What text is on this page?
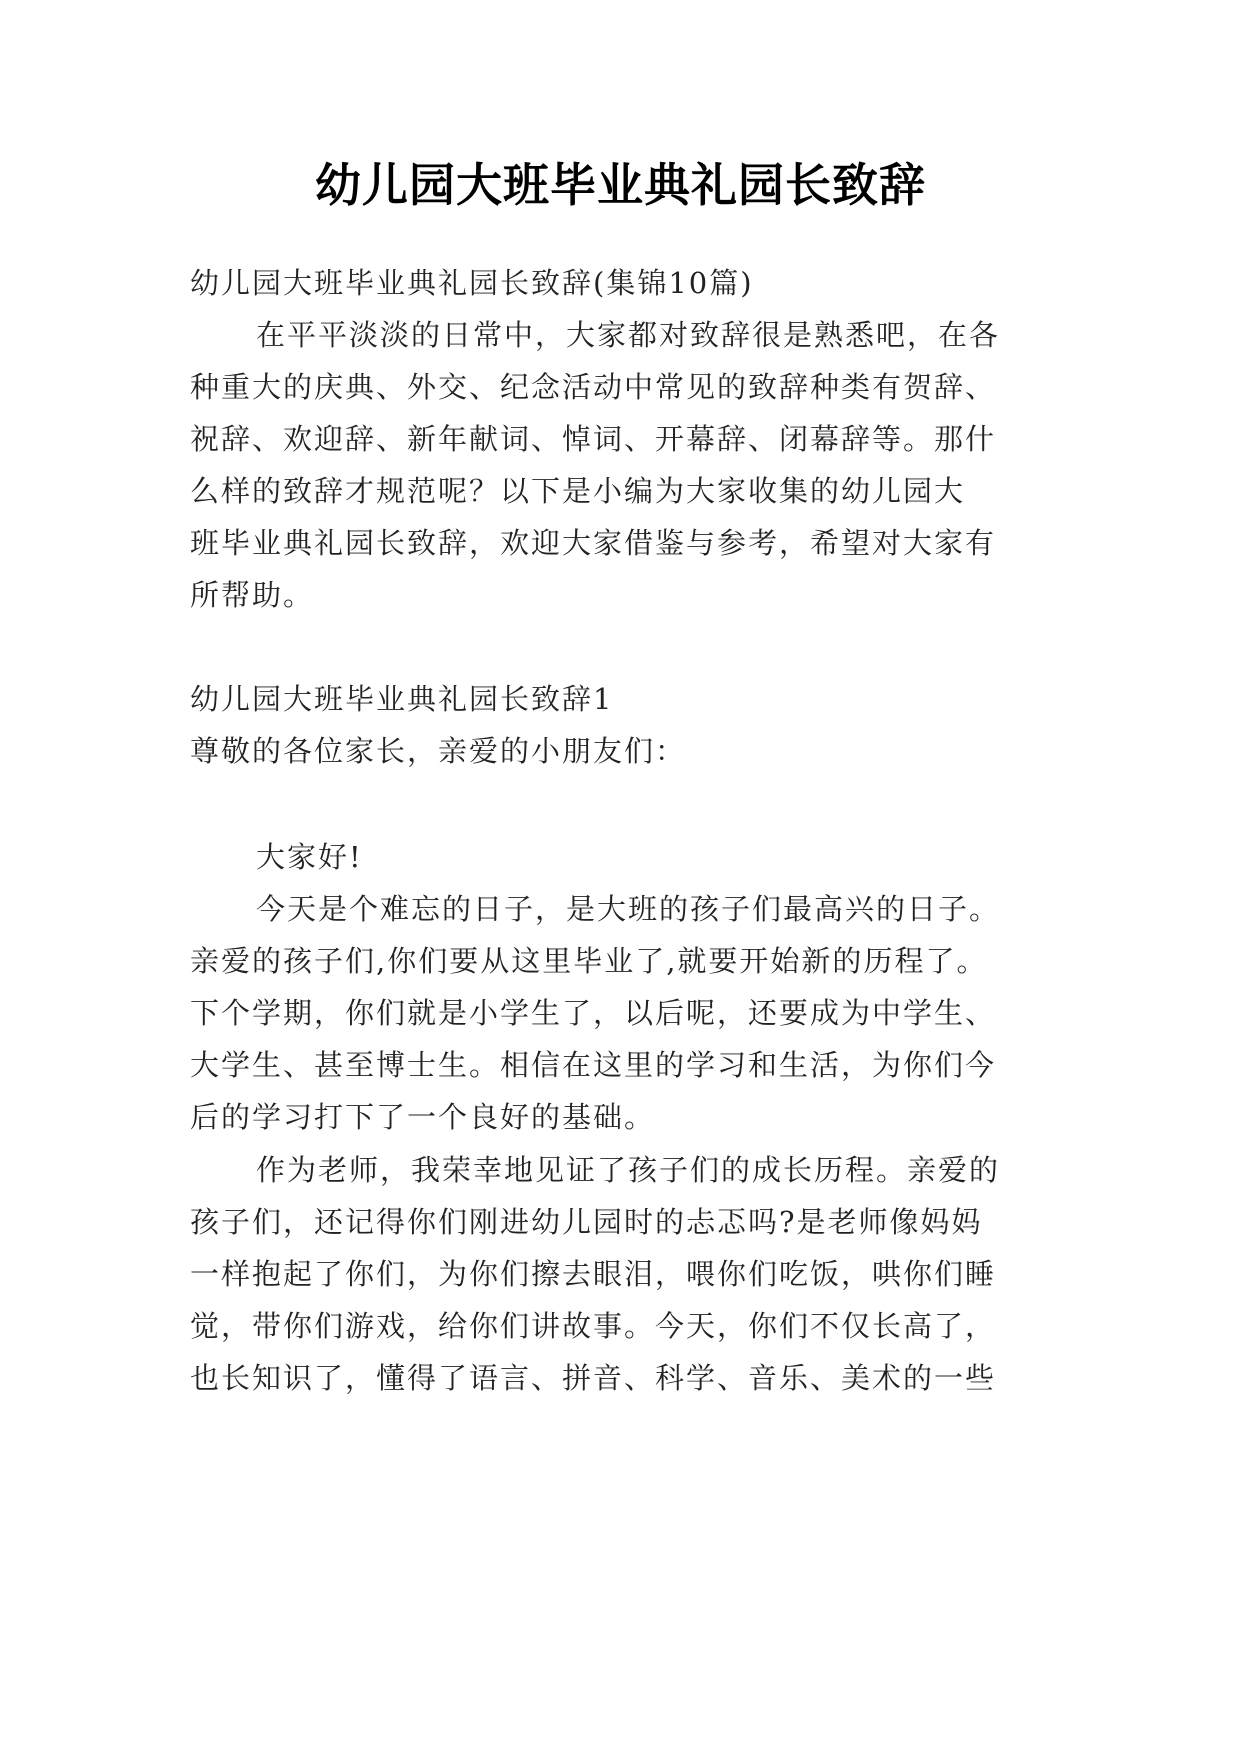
幼儿园大班毕业典礼园长致辞
幼儿园大班毕业典礼园长致辞(集锦10篇)
在平平淡淡的日常中，大家都对致辞很是熟悉吧，在各
种重大的庆典、外交、纪念活动中常见的致辞种类有贺辞、
祝辞、欢迎辞、新年献词、悼词、开幕辞、闭幕辞等。那什
么样的致辞才规范呢？以下是小编为大家收集的幼儿园大
班毕业典礼园长致辞，欢迎大家借鉴与参考，希望对大家有
所帮助。
幼儿园大班毕业典礼园长致辞1
尊敬的各位家长，亲爱的小朋友们：
大家好!
今天是个难忘的日子，是大班的孩子们最高兴的日子。
亲爱的孩子们,你们要从这里毕业了,就要开始新的历程了。
下个学期，你们就是小学生了，以后呢，还要成为中学生、
大学生、甚至博士生。相信在这里的学习和生活，为你们今
后的学习打下了一个良好的基础。
作为老师，我荣幸地见证了孩子们的成长历程。亲爱的
孩子们，还记得你们刚进幼儿园时的忐忑吗?是老师像妈妈
一样抱起了你们，为你们擦去眼泪，喂你们吃饭，哄你们睡
觉，带你们游戏，给你们讲故事。今天，你们不仅长高了，
也长知识了，懂得了语言、拼音、科学、音乐、美术的一些
